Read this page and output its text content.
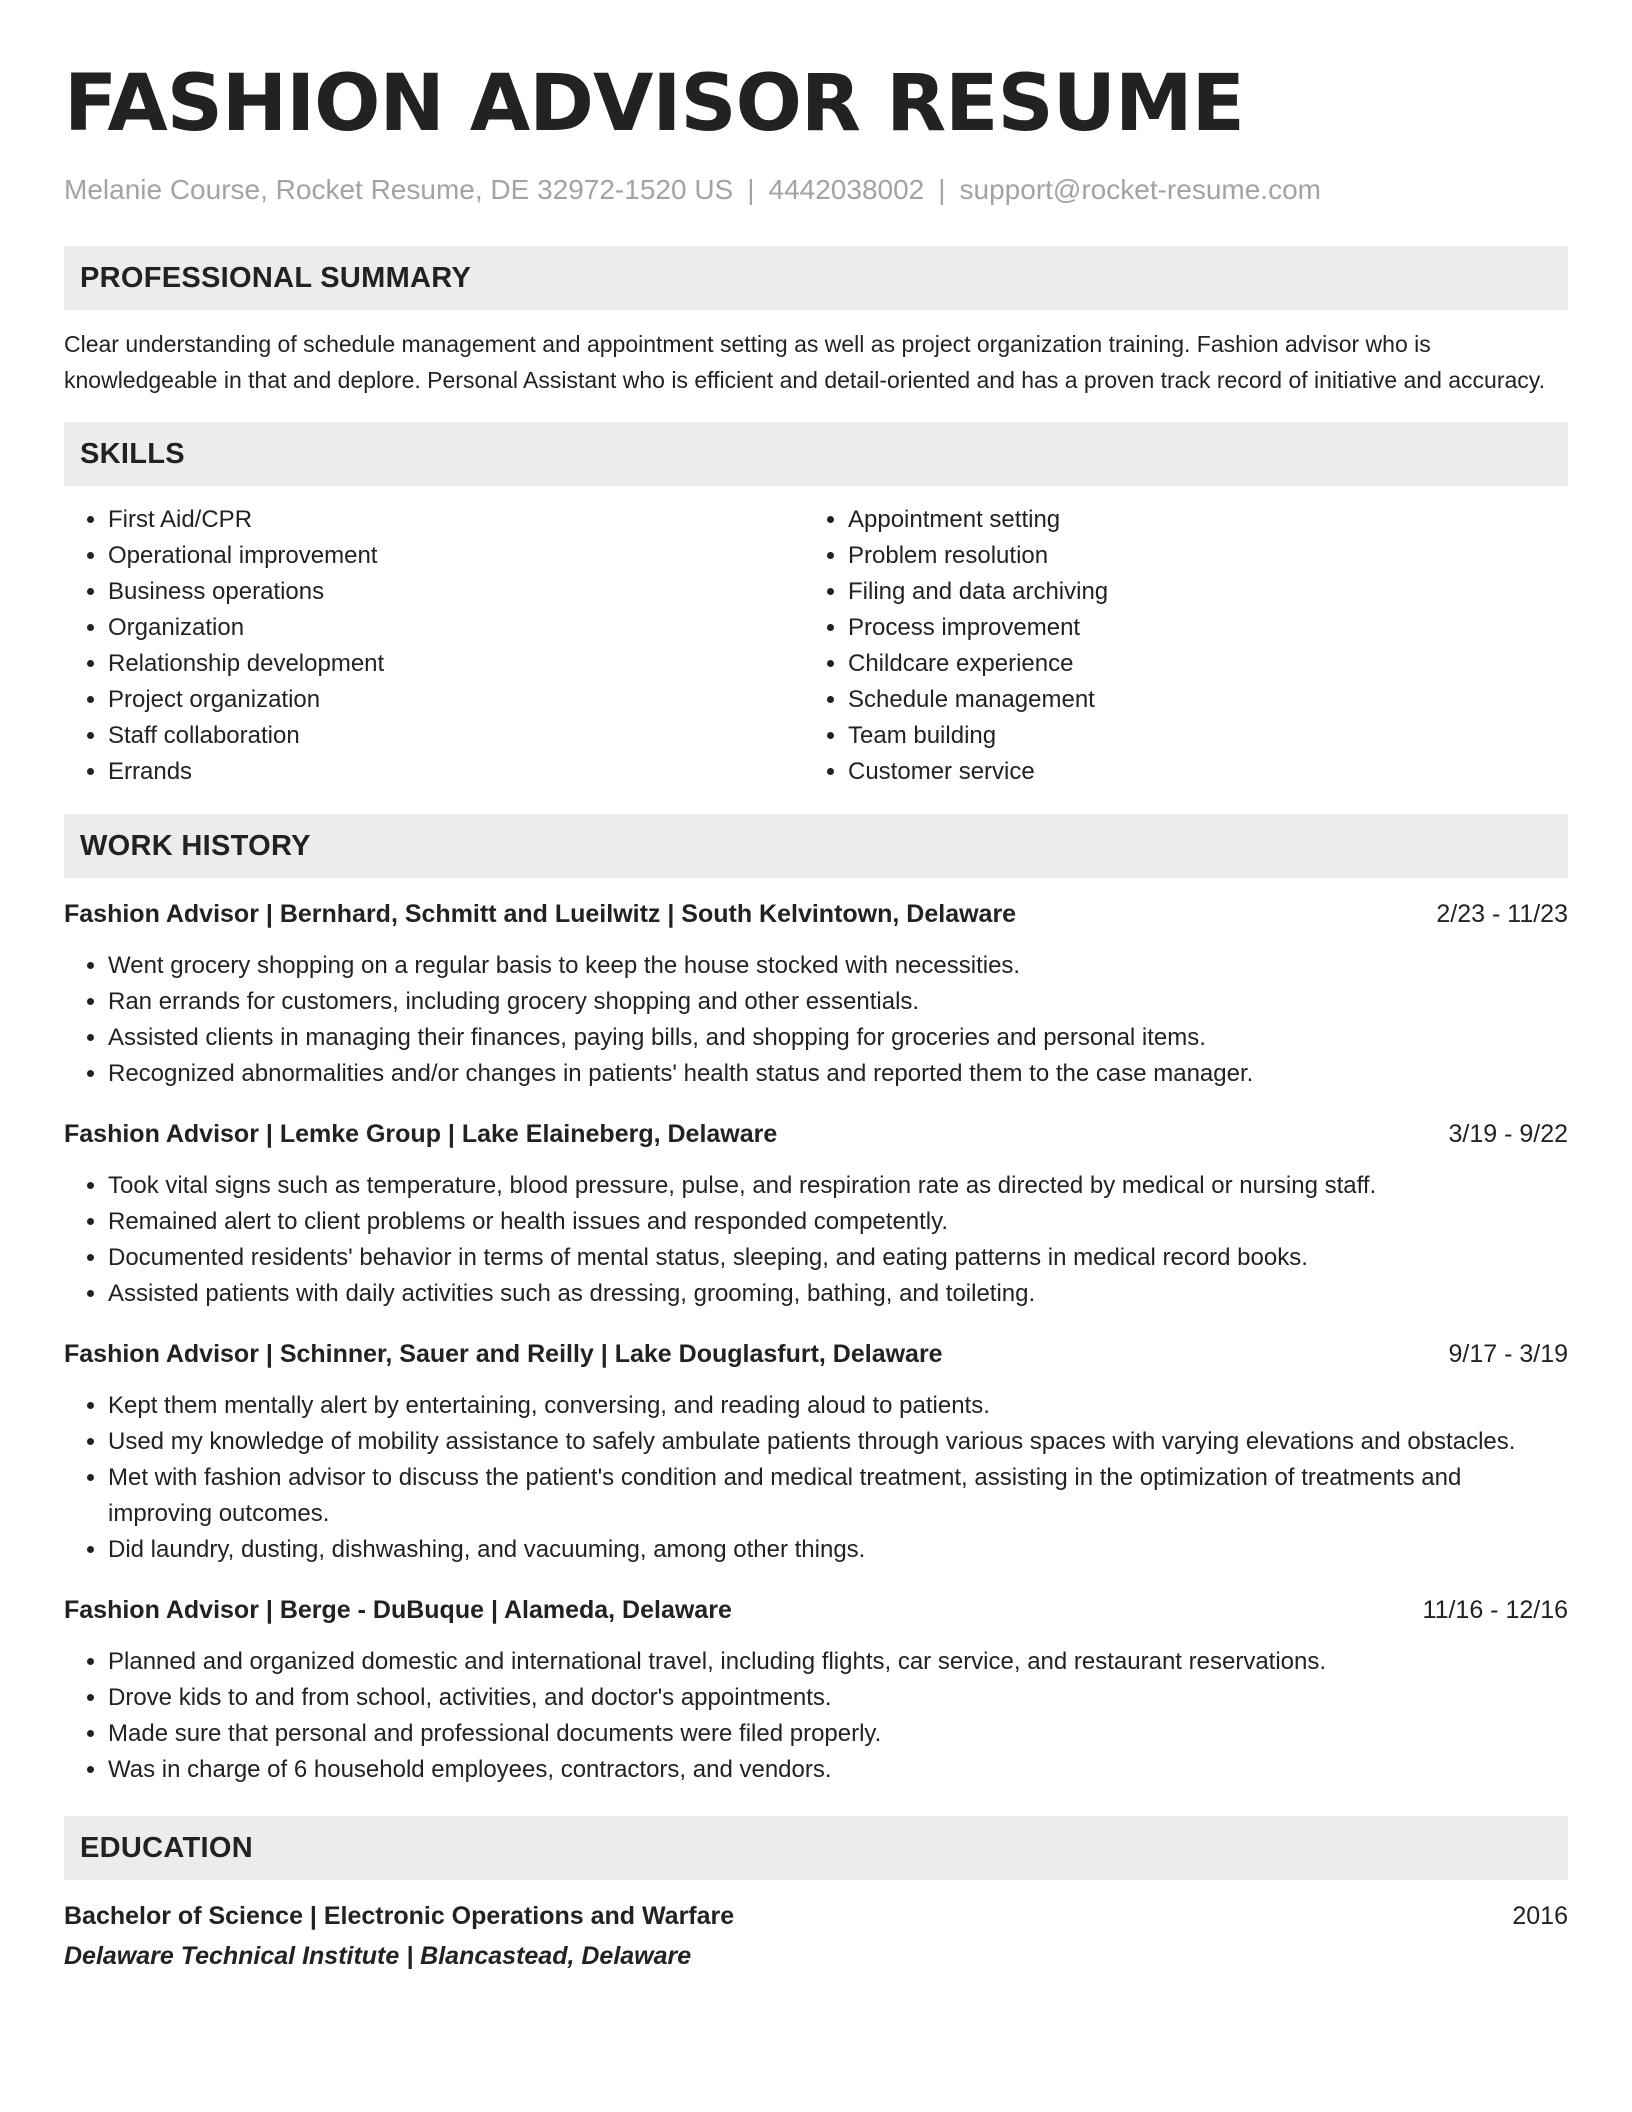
FASHION ADVISOR RESUME
Melanie Course, Rocket Resume, DE 32972-1520 US | 4442038002 | support@rocket-resume.com
PROFESSIONAL SUMMARY
Clear understanding of schedule management and appointment setting as well as project organization training. Fashion advisor who is knowledgeable in that and deplore. Personal Assistant who is efficient and detail-oriented and has a proven track record of initiative and accuracy.
SKILLS
• First Aid/CPR
• Operational improvement
• Business operations
• Organization
• Relationship development
• Project organization
• Staff collaboration
• Errands
• Appointment setting
• Problem resolution
• Filing and data archiving
• Process improvement
• Childcare experience
• Schedule management
• Team building
• Customer service
WORK HISTORY
Fashion Advisor | Bernhard, Schmitt and Lueilwitz | South Kelvintown, Delaware	2/23 - 11/23
• Went grocery shopping on a regular basis to keep the house stocked with necessities.
• Ran errands for customers, including grocery shopping and other essentials.
• Assisted clients in managing their finances, paying bills, and shopping for groceries and personal items.
• Recognized abnormalities and/or changes in patients' health status and reported them to the case manager.
Fashion Advisor | Lemke Group | Lake Elaineberg, Delaware	3/19 - 9/22
• Took vital signs such as temperature, blood pressure, pulse, and respiration rate as directed by medical or nursing staff.
• Remained alert to client problems or health issues and responded competently.
• Documented residents' behavior in terms of mental status, sleeping, and eating patterns in medical record books.
• Assisted patients with daily activities such as dressing, grooming, bathing, and toileting.
Fashion Advisor | Schinner, Sauer and Reilly | Lake Douglasfurt, Delaware	9/17 - 3/19
• Kept them mentally alert by entertaining, conversing, and reading aloud to patients.
• Used my knowledge of mobility assistance to safely ambulate patients through various spaces with varying elevations and obstacles.
• Met with fashion advisor to discuss the patient's condition and medical treatment, assisting in the optimization of treatments and improving outcomes.
• Did laundry, dusting, dishwashing, and vacuuming, among other things.
Fashion Advisor | Berge - DuBuque | Alameda, Delaware	11/16 - 12/16
• Planned and organized domestic and international travel, including flights, car service, and restaurant reservations.
• Drove kids to and from school, activities, and doctor's appointments.
• Made sure that personal and professional documents were filed properly.
• Was in charge of 6 household employees, contractors, and vendors.
EDUCATION
Bachelor of Science | Electronic Operations and Warfare	2016
Delaware Technical Institute | Blancastead, Delaware
